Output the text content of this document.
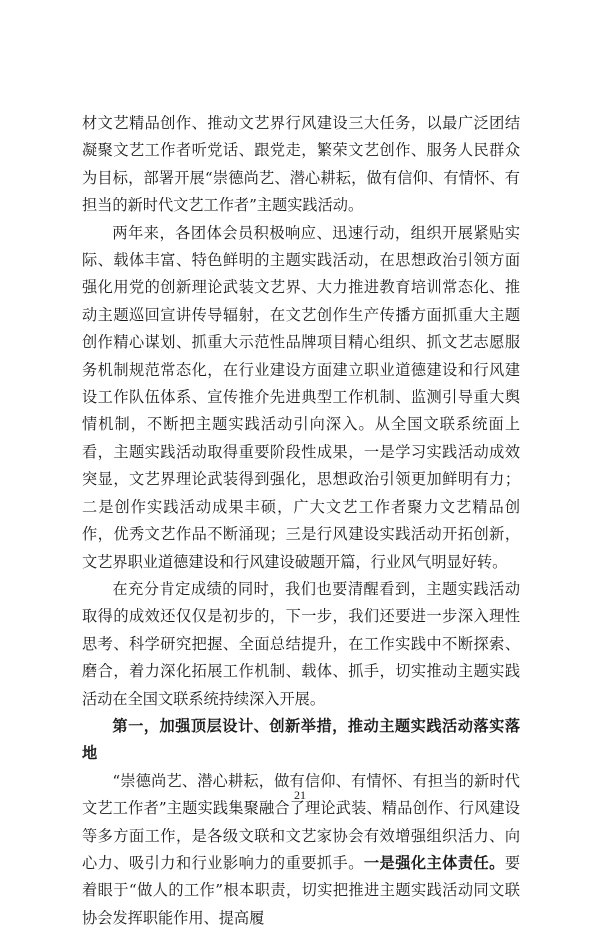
材文艺精品创作、推动文艺界行风建设三大任务，以最广泛团结凝聚文艺工作者听党话、跟党走，繁荣文艺创作、服务人民群众为目标，部署开展“崇德尚艺、潜心耕耘，做有信仰、有情怀、有担当的新时代文艺工作者”主题实践活动。

两年来，各团体会员积极响应、迅速行动，组织开展紧贴实际、载体丰富、特色鲜明的主题实践活动，在思想政治引领方面强化用党的创新理论武装文艺界、大力推进教育培训常态化、推动主题巡回宣讲传导辐射，在文艺创作生产传播方面抓重大主题创作精心谋划、抓重大示范性品牌项目精心组织、抓文艺志愿服务机制规范常态化，在行业建设方面建立职业道德建设和行风建设工作队伍体系、宣传推介先进典型工作机制、监测引导重大舆情机制，不断把主题实践活动引向深入。从全国文联系统面上看，主题实践活动取得重要阶段性成果，一是学习实践活动成效突显，文艺界理论武装得到强化，思想政治引领更加鲜明有力；二是创作实践活动成果丰硕，广大文艺工作者聚力文艺精品创作，优秀文艺作品不断涌现；三是行风建设实践活动开拓创新，文艺界职业道德建设和行风建设破题开篇，行业风气明显好转。

在充分肯定成绩的同时，我们也要清醒看到，主题实践活动取得的成效还仅仅是初步的，下一步，我们还要进一步深入理性思考、科学研究把握、全面总结提升，在工作实践中不断探索、磨合，着力深化拓展工作机制、载体、抓手，切实推动主题实践活动在全国文联系统持续深入开展。

第一，加强顶层设计、创新举措，推动主题实践活动落实落地

“崇德尚艺、潜心耕耘，做有信仰、有情怀、有担当的新时代文艺工作者”主题实践集聚融合了理论武装、精品创作、行风建设等多方面工作，是各级文联和文艺家协会有效增强组织活力、向心力、吸引力和行业影响力的重要抓手。一是强化主体责任。要着眼于“做人的工作”根本职责，切实把推进主题实践活动同文联协会发挥职能作用、提高履

21
